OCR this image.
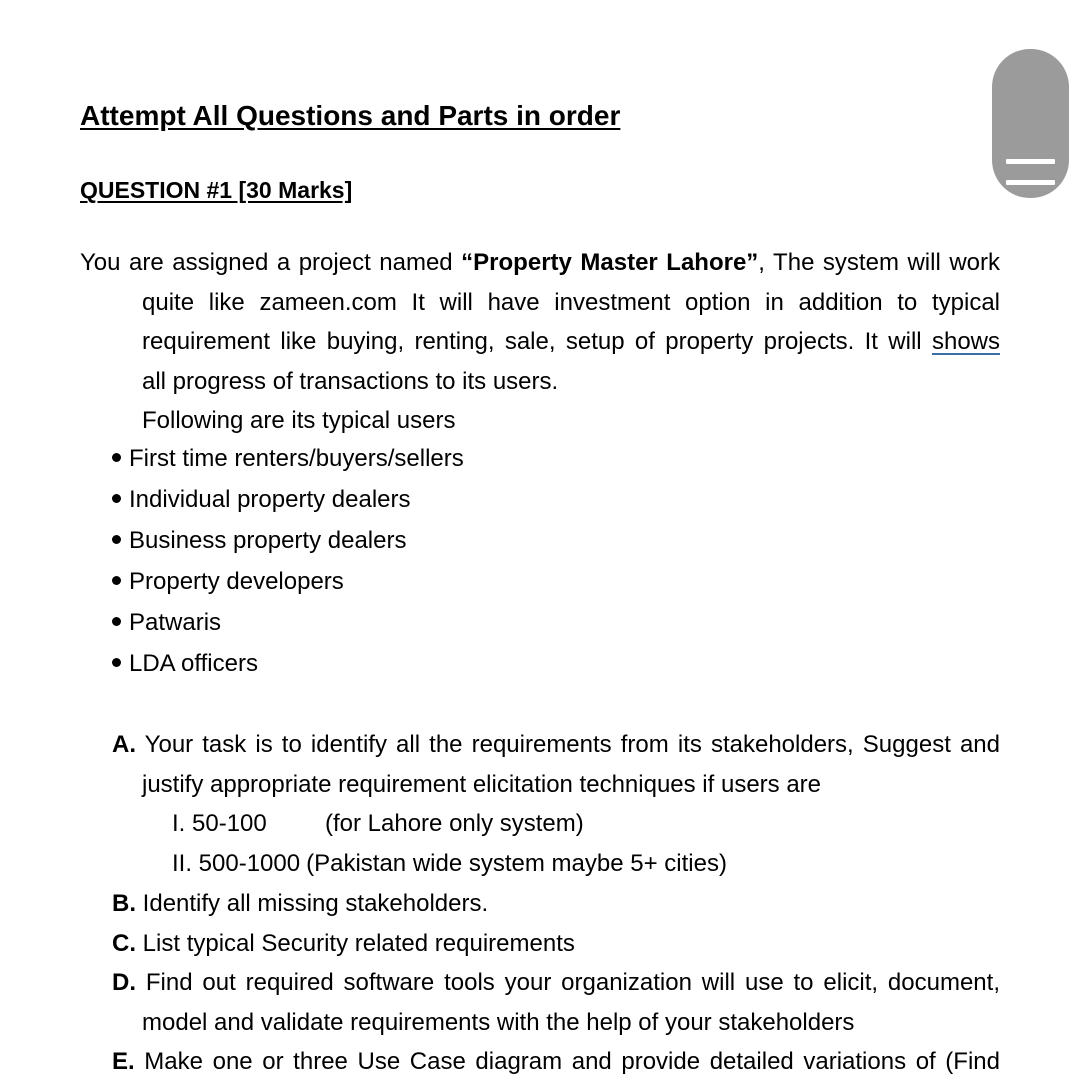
Attempt All Questions and Parts in order
QUESTION #1 [30 Marks]
You are assigned a project named “Property Master Lahore”, The system will work
quite like zameen.com It will have investment option in addition to typical
requirement like buying, renting, sale, setup of property projects. It will shows
all progress of transactions to its users.
Following are its typical users
First time renters/buyers/sellers
Individual property dealers
Business property dealers
Property developers
Patwaris
LDA officers
A. Your task is to identify all the requirements from its stakeholders, Suggest and
justify appropriate requirement elicitation techniques if users are
I. 50-100 (for Lahore only system)
II. 500-1000 (Pakistan wide system maybe 5+ cities)
B. Identify all missing stakeholders.
C. List typical Security related requirements
D. Find out required software tools your organization will use to elicit, document,
model and validate requirements with the help of your stakeholders
E. Make one or three Use Case diagram and provide detailed variations of (Find
